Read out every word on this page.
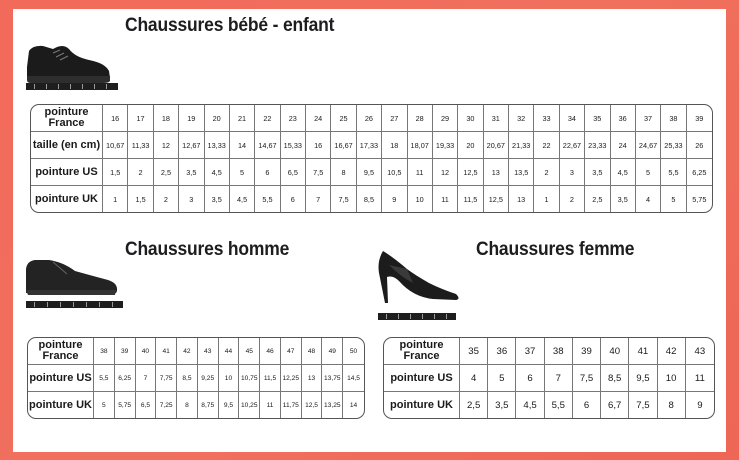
Chaussures bébé - enfant
pointure France	16	17	18	19	20	21	22	23	24	25	26	27	28	29	30	31	32	33	34	35	36	37	38	39
taille (en cm)	10,67	11,33	12	12,67	13,33	14	14,67	15,33	16	16,67	17,33	18	18,07	19,33	20	20,67	21,33	22	22,67	23,33	24	24,67	25,33	26
pointure US	1,5	2	2,5	3,5	4,5	5	6	6,5	7,5	8	9,5	10,5	11	12	12,5	13	13,5	2	3	3,5	4,5	5	5,5	6,25
pointure UK	1	1,5	2	3	3,5	4,5	5,5	6	7	7,5	8,5	9	10	11	11,5	12,5	13	1	2	2,5	3,5	4	5	5,75
Chaussures homme
pointure France	38	39	40	41	42	43	44	45	46	47	48	49	50
pointure US	5,5	6,25	7	7,75	8,5	9,25	10	10,75	11,5	12,25	13	13,75	14,5
pointure UK	5	5,75	6,5	7,25	8	8,75	9,5	10,25	11	11,75	12,5	13,25	14
Chaussures femme
pointure France	35	36	37	38	39	40	41	42	43
pointure US	4	5	6	7	7,5	8,5	9,5	10	11
pointure UK	2,5	3,5	4,5	5,5	6	6,7	7,5	8	9
